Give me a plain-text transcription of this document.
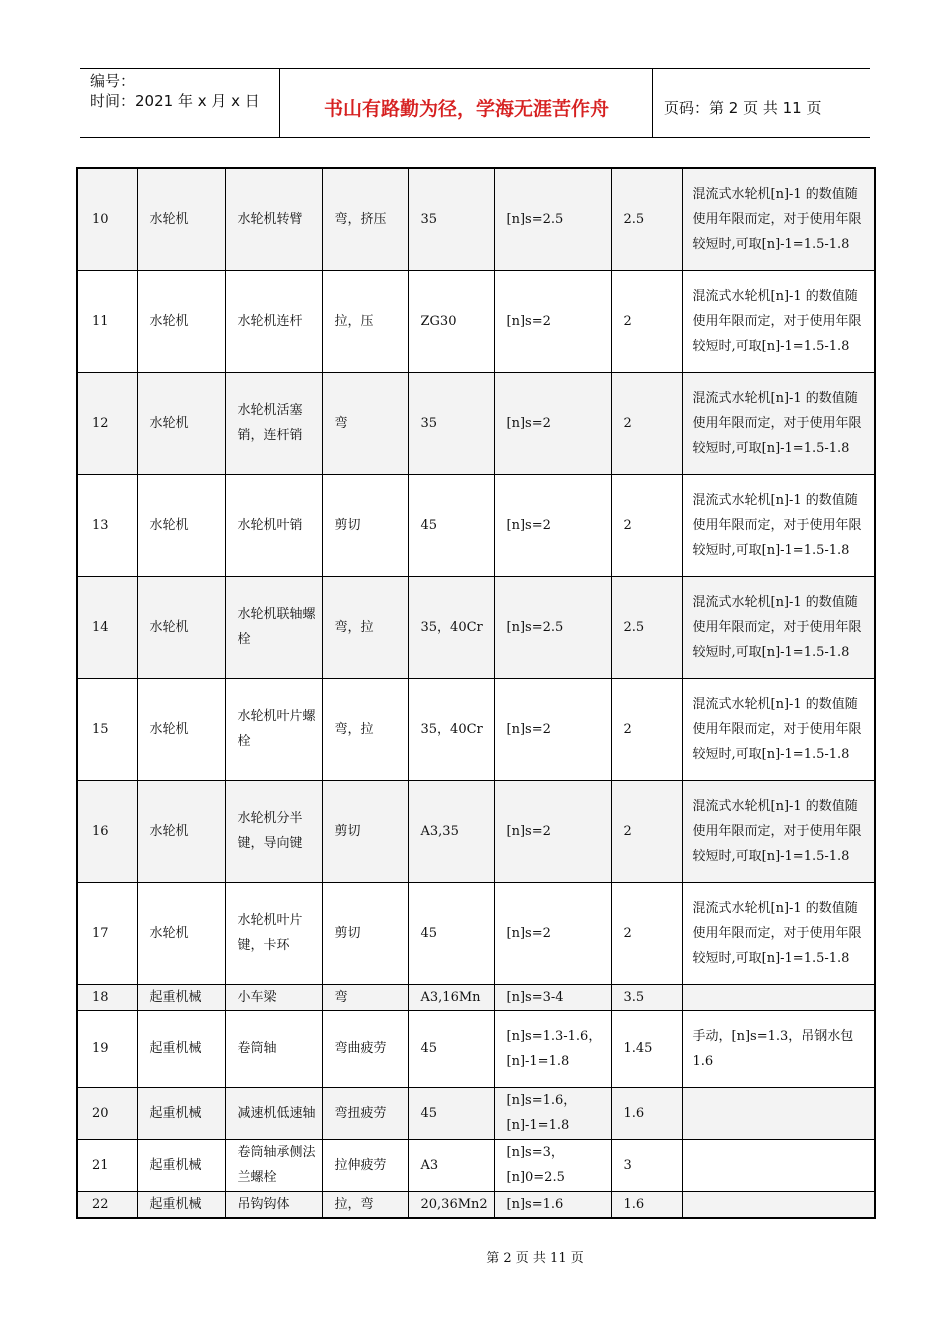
编号：
时间：2021 年 x 月 x 日	书山有路勤为径，学海无涯苦作舟	页码：第 2 页 共 11 页
10	水轮机	水轮机转臂	弯，挤压	35	[n]s=2.5	2.5	混流式水轮机[n]-1 的数值随使用年限而定，对于使用年限较短时,可取[n]-1=1.5-1.8
11	水轮机	水轮机连杆	拉，压	ZG30	[n]s=2	2	混流式水轮机[n]-1 的数值随使用年限而定，对于使用年限较短时,可取[n]-1=1.5-1.8
12	水轮机	水轮机活塞销，连杆销	弯	35	[n]s=2	2	混流式水轮机[n]-1 的数值随使用年限而定，对于使用年限较短时,可取[n]-1=1.5-1.8
13	水轮机	水轮机叶销	剪切	45	[n]s=2	2	混流式水轮机[n]-1 的数值随使用年限而定，对于使用年限较短时,可取[n]-1=1.5-1.8
14	水轮机	水轮机联轴螺栓	弯，拉	35，40Cr	[n]s=2.5	2.5	混流式水轮机[n]-1 的数值随使用年限而定，对于使用年限较短时,可取[n]-1=1.5-1.8
15	水轮机	水轮机叶片螺栓	弯，拉	35，40Cr	[n]s=2	2	混流式水轮机[n]-1 的数值随使用年限而定，对于使用年限较短时,可取[n]-1=1.5-1.8
16	水轮机	水轮机分半键，导向键	剪切	A3,35	[n]s=2	2	混流式水轮机[n]-1 的数值随使用年限而定，对于使用年限较短时,可取[n]-1=1.5-1.8
17	水轮机	水轮机叶片键，卡环	剪切	45	[n]s=2	2	混流式水轮机[n]-1 的数值随使用年限而定，对于使用年限较短时,可取[n]-1=1.5-1.8
18	起重机械	小车梁	弯	A3,16Mn	[n]s=3-4	3.5	
19	起重机械	卷筒轴	弯曲疲劳	45	[n]s=1.3-1.6，[n]-1=1.8	1.45	手动，[n]s=1.3，吊钢水包 1.6
20	起重机械	减速机低速轴	弯扭疲劳	45	[n]s=1.6，[n]-1=1.8	1.6	
21	起重机械	卷筒轴承侧法兰螺栓	拉伸疲劳	A3	[n]s=3，[n]0=2.5	3	
22	起重机械	吊钩钩体	拉，弯	20,36Mn2	[n]s=1.6	1.6	
第 2 页 共 11 页
